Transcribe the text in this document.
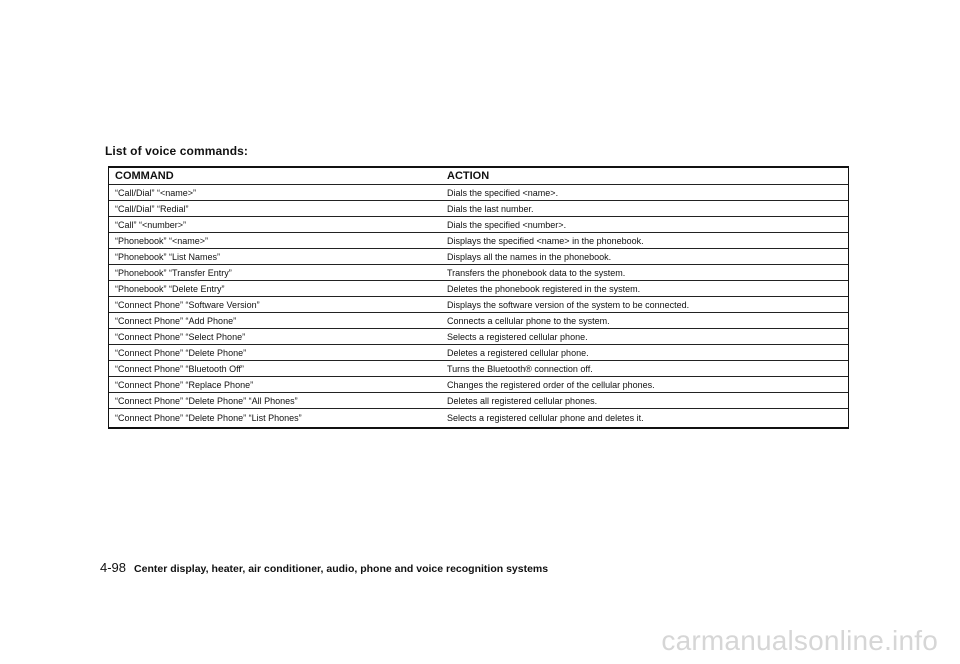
List of voice commands:
COMMAND	ACTION
“Call/Dial” “<name>”	Dials the specified <name>.
“Call/Dial” “Redial”	Dials the last number.
“Call” “<number>”	Dials the specified <number>.
“Phonebook” “<name>”	Displays the specified <name> in the phonebook.
“Phonebook” “List Names”	Displays all the names in the phonebook.
“Phonebook” “Transfer Entry”	Transfers the phonebook data to the system.
“Phonebook” “Delete Entry”	Deletes the phonebook registered in the system.
“Connect Phone” “Software Version”	Displays the software version of the system to be connected.
“Connect Phone” “Add Phone”	Connects a cellular phone to the system.
“Connect Phone” “Select Phone”	Selects a registered cellular phone.
“Connect Phone” “Delete Phone”	Deletes a registered cellular phone.
“Connect Phone” “Bluetooth Off”	Turns the Bluetooth® connection off.
“Connect Phone” “Replace Phone”	Changes the registered order of the cellular phones.
“Connect Phone” “Delete Phone” “All Phones”	Deletes all registered cellular phones.
“Connect Phone” “Delete Phone” “List Phones”	Selects a registered cellular phone and deletes it.
4-98 Center display, heater, air conditioner, audio, phone and voice recognition systems
carmanualsonline.info
